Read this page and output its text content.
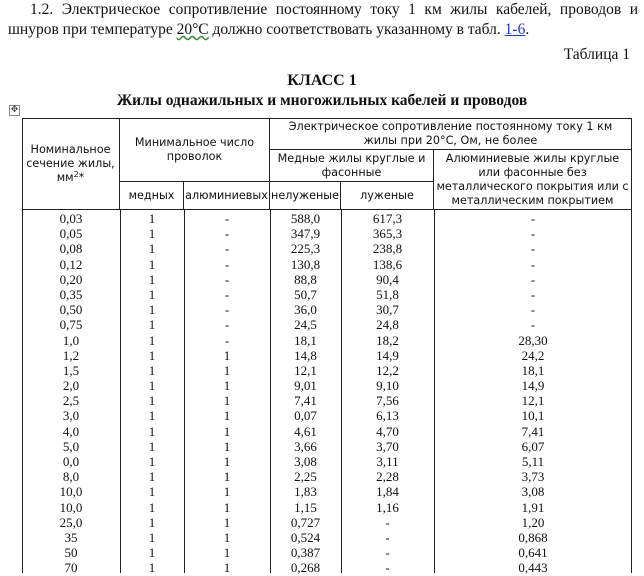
1.2. Электрическое сопротивление постоянному току 1 км жилы кабелей, проводов и шнуров при температуре 20°С должно соответствовать указанному в табл. 1-6.
Таблица 1
КЛАСС 1
Жилы однажильных и многожильных кабелей и проводов
✥
Номинальное сечение жилы, $мм^2*$
Минимальное число проволок
медных алюминиевых
Электрическое сопротивление постоянному току 1 км жилы при 20°С, Ом, не более
Медные жилы круглые и фасонные
нелуженые	луженые
Алюминиевые жилы круглые или фасонные без металлического покрытия или с металлическим покрытием
0,03	1	-	588,0	617,3	-
0,05	1	-	347,9	365,3	-
0,08	1	-	225,3	238,8	-
0,12	1	-	130,8	138,6	-
0,20	1	-	88,8	90,4	-
0,35	1	-	50,7	51,8	-
0,50	1	-	36,0	30,7	-
0,75	1	-	24,5	24,8	-
1,0	1	-	18,1	18,2	28,30
1,2	1	1	14,8	14,9	24,2
1,5	1	1	12,1	12,2	18,1
2,0	1	1	9,01	9,10	14,9
2,5	1	1	7,41	7,56	12,1
3,0	1	1	0,07	6,13	10,1
4,0	1	1	4,61	4,70	7,41
5,0	1	1	3,66	3,70	6,07
0,0	1	1	3,08	3,11	5,11
8,0	1	1	2,25	2,28	3,73
10,0	1	1	1,83	1,84	3,08
10,0	1	1	1,15	1,16	1,91
25,0	1	1	0,727	-	1,20
35	1	1	0,524	-	0,868
50	1	1	0,387	-	0,641
70	1	1	0,268	-	0,443
